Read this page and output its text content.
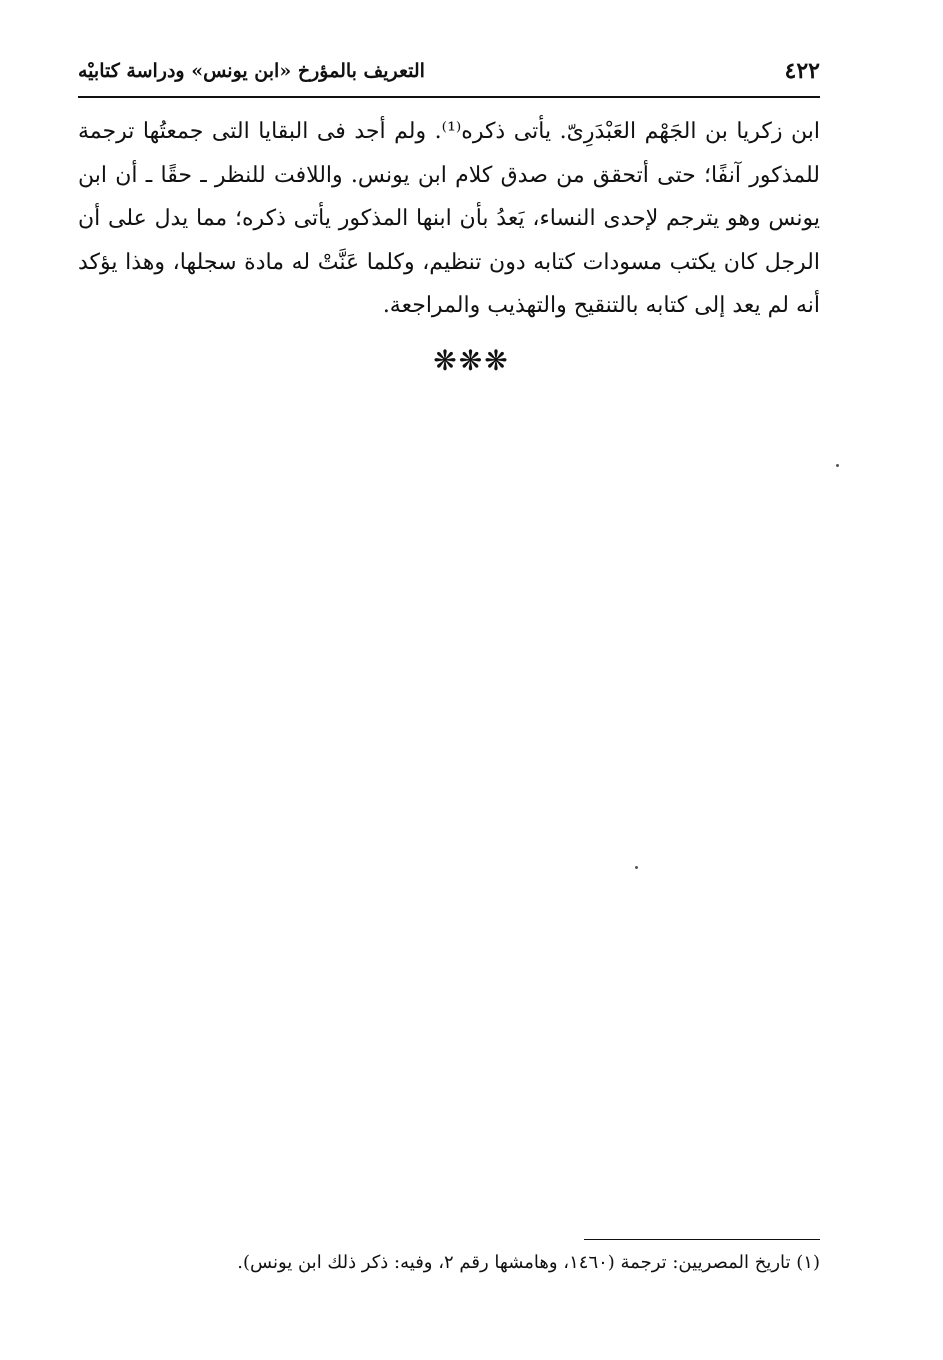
٤٢٢
التعريف بالمؤرخ «ابن يونس» ودراسة كتابيْه

ابن زكريا بن الجَهْم العَبْدَرِىّ. يأتى ذكره⁽¹⁾. ولم أجد فى البقايا التى جمعتُها ترجمة للمذكور آنفًا؛ حتى أتحقق من صدق كلام ابن يونس. واللافت للنظر ـ حقًا ـ أن ابن يونس وهو يترجم لإحدى النساء، يَعدُ بأن ابنها المذكور يأتى ذكره؛ مما يدل على أن الرجل كان يكتب مسودات كتابه دون تنظيم، وكلما عَنَّتْ له مادة سجلها، وهذا يؤكد أنه لم يعد إلى كتابه بالتنقيح والتهذيب والمراجعة.

❋❋❋

(١) تاريخ المصريين: ترجمة (١٤٦٠، وهامشها رقم ٢، وفيه: ذكر ذلك ابن يونس).
